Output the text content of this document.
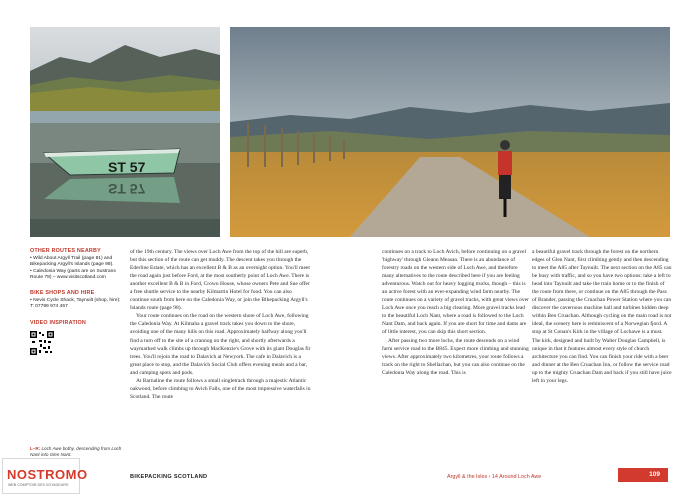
ST 57
ST 57
OTHER ROUTES NEARBY
• Wild About Argyll Trail (page 81) and
Bikepacking Argyll's Islands (page 98).
• Caledonia Way (parts are on Sustrans
Route 78) – www.visitscotland.com
BIKE SHOPS AND HIRE
• Nevis Cycle Shack, Taynuilt (shop, hire):
T: 07799 974 457
VIDEO INSPIRATION
L–R: Loch Awe bothy, descending from Loch Nant into Glen Nant.

of the 19th century. The views over Loch Awe from the top of the hill are superb, but this section of the route can get muddy. The descent takes you through the Ederline Estate, which has an excellent B & B as an overnight option. You'll meet the road again just before Ford, at the most southerly point of Loch Awe. There is another excellent B & B in Ford, Crown House, whose owners Pete and Sue offer a free shuttle service to the nearby Kilmartin Hotel for food. You can also continue south from here on the Caledonia Way, or join the Bikepacking Argyll's Islands route (page 98).

Your route continues on the road on the western shore of Loch Awe, following the Caledonia Way. At Kilmaha a gravel track takes you down to the shore, avoiding one of the many hills on this road. Approximately halfway along you'll find a turn off to the site of a crannog on the right, and shortly afterwards a waymarked walk climbs up through MacKenzie's Grove with its giant Douglas fir trees. You'll rejoin the road to Dalavich at Newyork. The cafe in Dalavich is a great place to stop, and the Dalavich Social Club offers evening meals and a bar, and camping spots and pods.

At Barnaline the route follows a small singletrack through a majestic Atlantic oakwood, before climbing to Avich Falls, one of the most impressive waterfalls in Scotland. The route

continues on a track to Loch Avich, before continuing on a gravel 'highway' through Gleann Measan. There is an abundance of forestry roads on the western side of Loch Awe, and therefore many alternatives to the route described here if you are feeling adventurous. Watch out for heavy logging trucks, though – this is an active forest with an ever-expanding wind farm nearby. The route continues on a variety of gravel tracks, with great views over Loch Awe once you reach a big clearing. More gravel tracks lead to the beautiful Loch Nant, where a road is followed to the Loch Nant Dam, and back again. If you are short for time and dams are of little interest, you can skip this short section.

After passing two more lochs, the route descends on a wind farm service road to the B845. Expect more climbing and stunning views. After approximately two kilometres, your route follows a track on the right to Shellachan, but you can also continue on the Caledonia Way along the road. This is

a beautiful gravel track through the forest on the northern edges of Glen Nant, first climbing gently and then descending to meet the A85 after Taynuilt. The next section on the A85 can be busy with traffic, and so you have two options: take a left to head into Taynuilt and take the train home or to the finish of the route from there, or continue on the A85 through the Pass of Brander, passing the Cruachan Power Station where you can discover the cavernous machine hall and turbines hidden deep within Ben Cruachan. Although cycling on the main road is not ideal, the scenery here is reminiscent of a Norwegian fjord. A stop at St Conan's Kirk in the village of Lochawe is a must. The kirk, designed and built by Walter Douglas Campbell, is unique in that it features almost every style of church architecture you can find. You can finish your ride with a beer and dinner at the Ben Cruachan Inn, or follow the service road up to the mighty Cruachan Dam and back if you still have juice left in your legs.

BIKEPACKING SCOTLAND	Argyll & the Isles › 14 Around Loch Awe	109
NOSTROMO
WEB COMPTOIR DES VOYAGEURS
